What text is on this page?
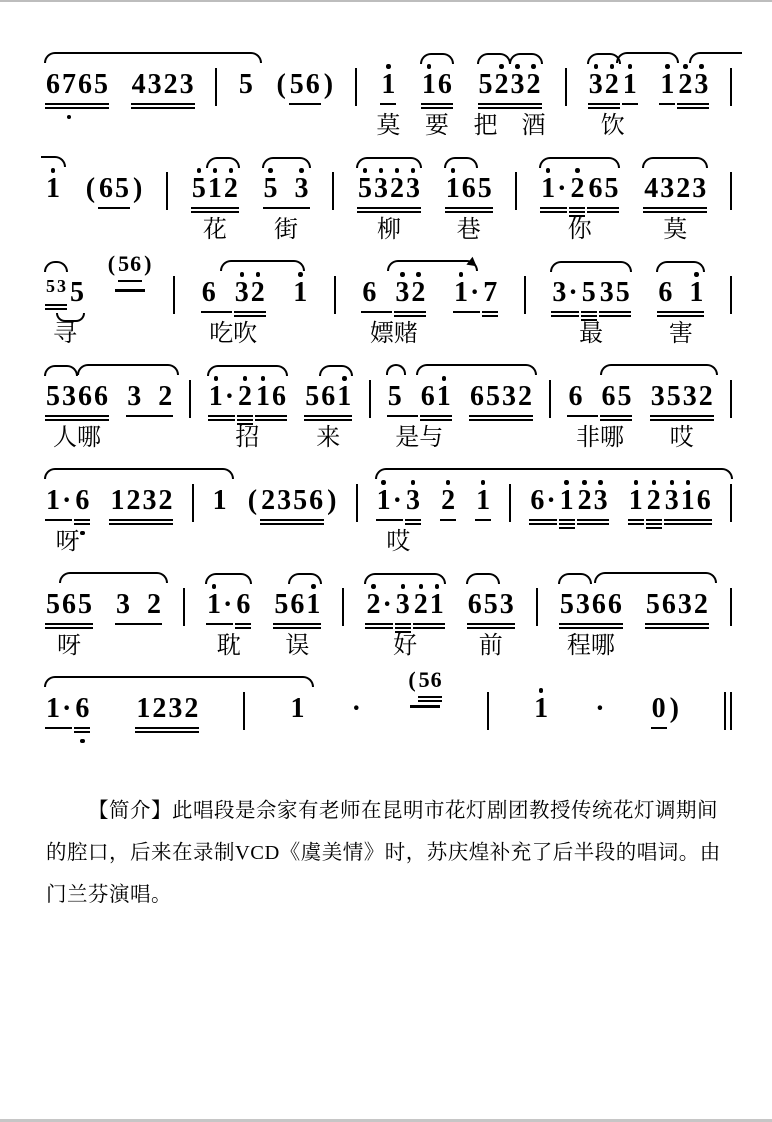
6765 4323 5 ( 56 ) 1
莫
16
要
5232
把　酒
32 1
饮
1 23
1 ( 65 ) 512
花
5 3
街
5323
柳
165
巷
1· 2 65
你
4323
莫
5 3 5
寻
( 56 )
6 32
吃吹
1 6 32
嫖赌
1· 7 3· 5 35
最
6 1
害
5366
人哪
3 2 1· 2 16
招
561
来
5 61
是与
6532 6 65
非哪
3532
哎
1· 6
呀
1232 1 ( 2356 ) 1· 3
哎
2 1 6· 1 23 1 2 316
565
呀
3 2 1· 6
耽
561
误
2· 3 21
好
653
前
5366
程哪
5632
1· 6 1232	1 ·
( 56
1 · 0 )

【简介】此唱段是佘家有老师在昆明市花灯剧团教授传统花灯调期间的腔口，后来在录制VCD《虞美情》时，苏庆煌补充了后半段的唱词。由门兰芬演唱。
